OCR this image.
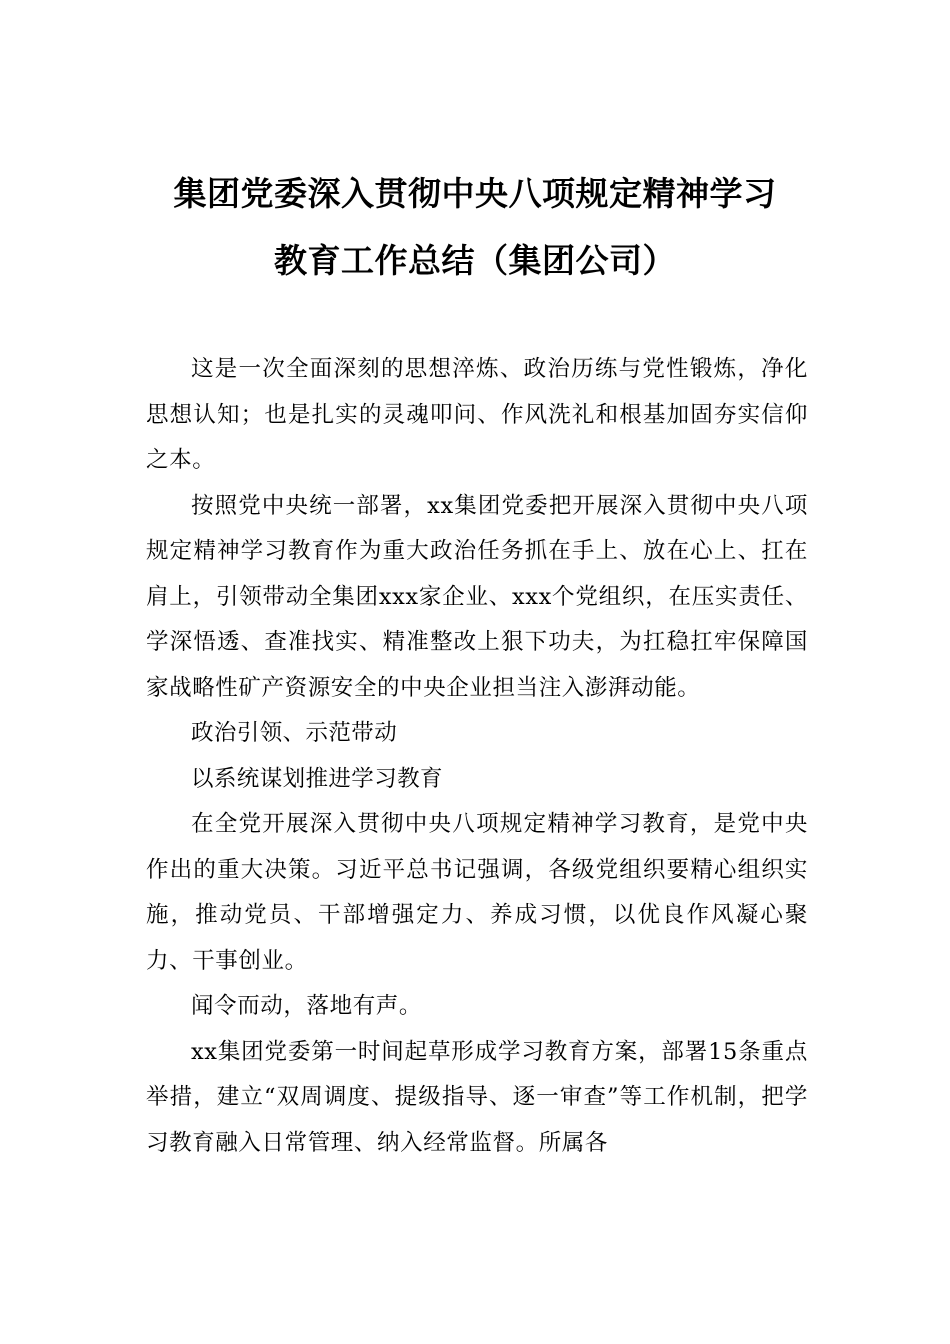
集团党委深入贯彻中央八项规定精神学习
教育工作总结（集团公司）

这是一次全面深刻的思想淬炼、政治历练与党性锻炼，净化思想认知；也是扎实的灵魂叩问、作风洗礼和根基加固夯实信仰之本。

按照党中央统一部署，xx集团党委把开展深入贯彻中央八项规定精神学习教育作为重大政治任务抓在手上、放在心上、扛在肩上，引领带动全集团xxx家企业、xxx个党组织，在压实责任、学深悟透、查准找实、精准整改上狠下功夫，为扛稳扛牢保障国家战略性矿产资源安全的中央企业担当注入澎湃动能。

政治引领、示范带动

以系统谋划推进学习教育

在全党开展深入贯彻中央八项规定精神学习教育，是党中央作出的重大决策。习近平总书记强调，各级党组织要精心组织实施，推动党员、干部增强定力、养成习惯，以优良作风凝心聚力、干事创业。

闻令而动，落地有声。

xx集团党委第一时间起草形成学习教育方案，部署15条重点举措，建立“双周调度、提级指导、逐一审查”等工作机制，把学习教育融入日常管理、纳入经常监督。所属各
